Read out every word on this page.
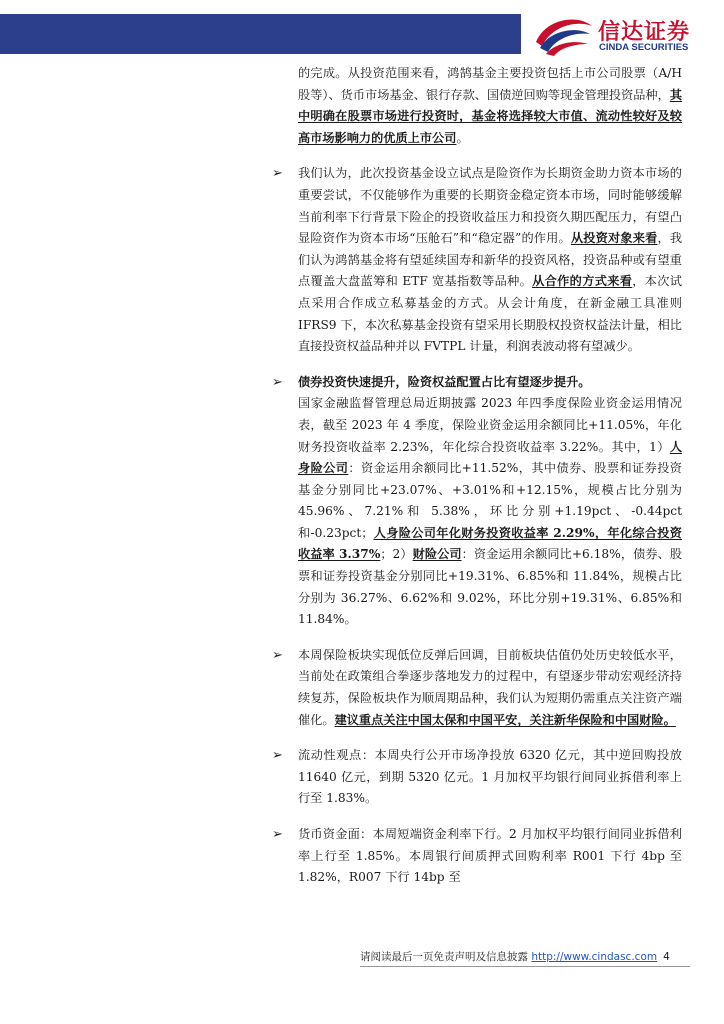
信达证券
CINDA SECURITIES
的完成。从投资范围来看，鸿鹄基金主要投资包括上市公司股票（A/H 股等）、货币市场基金、银行存款、国债逆回购等现金管理投资品种，其中明确在股票市场进行投资时，基金将选择较大市值、流动性较好及较高市场影响力的优质上市公司。
➢ 我们认为，此次投资基金设立试点是险资作为长期资金助力资本市场的重要尝试，不仅能够作为重要的长期资金稳定资本市场，同时能够缓解当前利率下行背景下险企的投资收益压力和投资久期匹配压力，有望凸显险资作为资本市场“压舱石”和“稳定器”的作用。从投资对象来看，我们认为鸿鹄基金将有望延续国寿和新华的投资风格，投资品种或有望重点覆盖大盘蓝筹和 ETF 宽基指数等品种。从合作的方式来看，本次试点采用合作成立私募基金的方式。从会计角度，在新金融工具准则 IFRS9 下，本次私募基金投资有望采用长期股权投资权益法计量，相比直接投资权益品种并以 FVTPL 计量，利润表波动将有望减少。
➢ 债券投资快速提升，险资权益配置占比有望逐步提升。
国家金融监督管理总局近期披露 2023 年四季度保险业资金运用情况表，截至 2023 年 4 季度，保险业资金运用余额同比+11.05%，年化财务投资收益率 2.23%，年化综合投资收益率 3.22%。其中，1）人身险公司：资金运用余额同比+11.52%，其中债券、股票和证券投资基金分别同比+23.07%、+3.01%和+12.15%，规模占比分别为 45.96%、7.21%和 5.38%，环比分别+1.19pct、-0.44pct 和-0.23pct；人身险公司年化财务投资收益率 2.29%，年化综合投资收益率 3.37%；2）财险公司：资金运用余额同比+6.18%，债券、股票和证券投资基金分别同比+19.31%、6.85%和 11.84%，规模占比分别为 36.27%、6.62%和 9.02%，环比分别+19.31%、6.85%和 11.84%。
➢ 本周保险板块实现低位反弹后回调，目前板块估值仍处历史较低水平，当前处在政策组合拳逐步落地发力的过程中，有望逐步带动宏观经济持续复苏，保险板块作为顺周期品种，我们认为短期仍需重点关注资产端催化。建议重点关注中国太保和中国平安，关注新华保险和中国财险。
➢ 流动性观点：本周央行公开市场净投放 6320 亿元，其中逆回购投放 11640 亿元，到期 5320 亿元。1 月加权平均银行间同业拆借利率上行至 1.83%。
➢ 货币资金面：本周短端资金利率下行。2 月加权平均银行间同业拆借利率上行至 1.85%。本周银行间质押式回购利率 R001 下行 4bp 至 1.82%，R007 下行 14bp 至
请阅读最后一页免责声明及信息披露 http://www.cindasc.com 4
